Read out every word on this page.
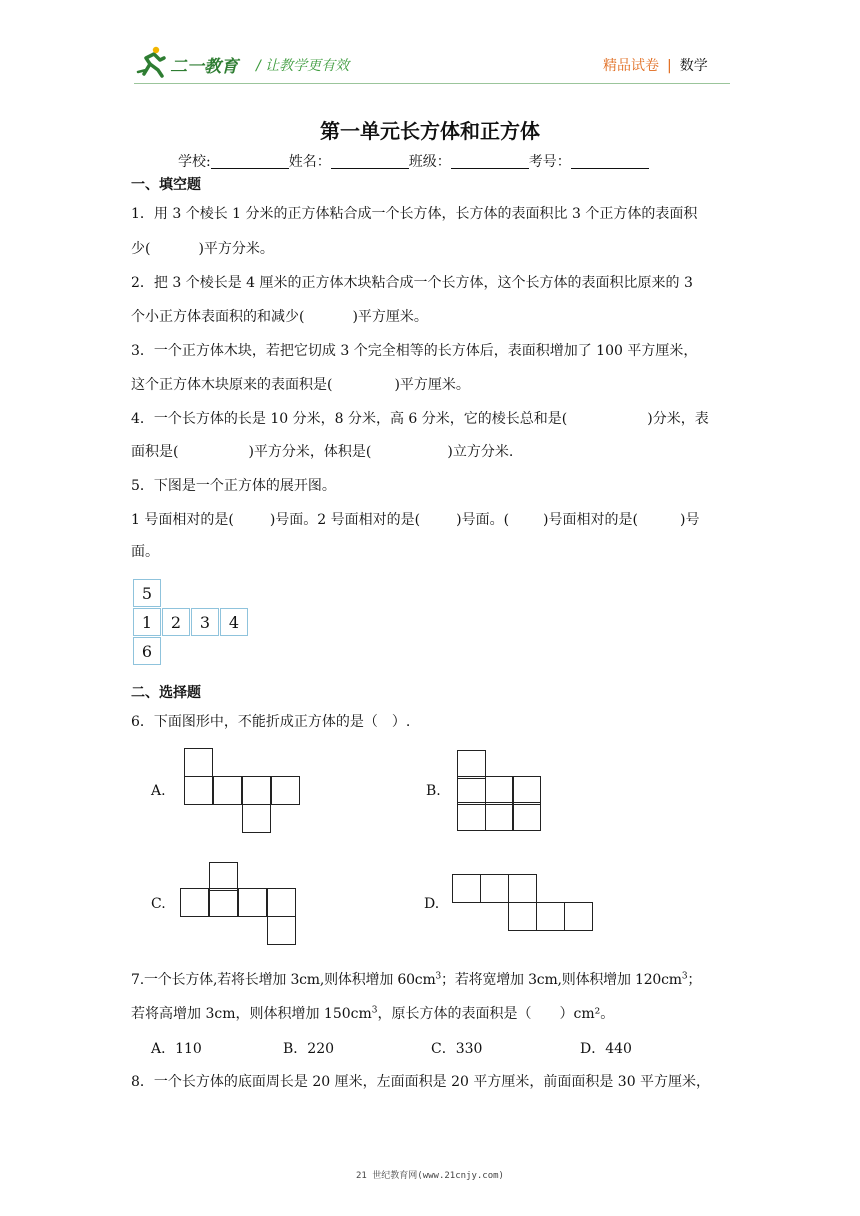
二一教育 / 让教学更有效	精品试卷 | 数学
第一单元长方体和正方体
学校:	姓名：	班级：	考号：
一、填空题
1．用 3 个棱长 1 分米的正方体粘合成一个长方体，长方体的表面积比 3 个正方体的表面积
少(	)平方分米。
2．把 3 个棱长是 4 厘米的正方体木块粘合成一个长方体，这个长方体的表面积比原来的 3
个小正方体表面积的和减少(	)平方厘米。
3．一个正方体木块，若把它切成 3 个完全相等的长方体后，表面积增加了 100 平方厘米，
这个正方体木块原来的表面积是(	)平方厘米。
4．一个长方体的长是 10 分米，8 分米，高 6 分米，它的棱长总和是(	)分米，表
面积是(	)平方分米，体积是(	)立方分米.
5．下图是一个正方体的展开图。
1 号面相对的是(	)号面。2 号面相对的是(	)号面。( )号面相对的是(	)号
面。
5
1	2	3	4
6
二、选择题
6．下面图形中，不能折成正方体的是（　）.
A.	B.
C.	D.
7.一个长方体,若将长增加 3cm,则体积增加 $60cm^3$；若将宽增加 3cm,则体积增加 $120cm^3$；
若将高增加 3cm，则体积增加 $150cm^3$，原长方体的表面积是（　　）cm²。
A．110	B．220	C．330	D．440
8．一个长方体的底面周长是 20 厘米，左面面积是 20 平方厘米，前面面积是 30 平方厘米，
21 世纪教育网(www.21cnjy.com)
